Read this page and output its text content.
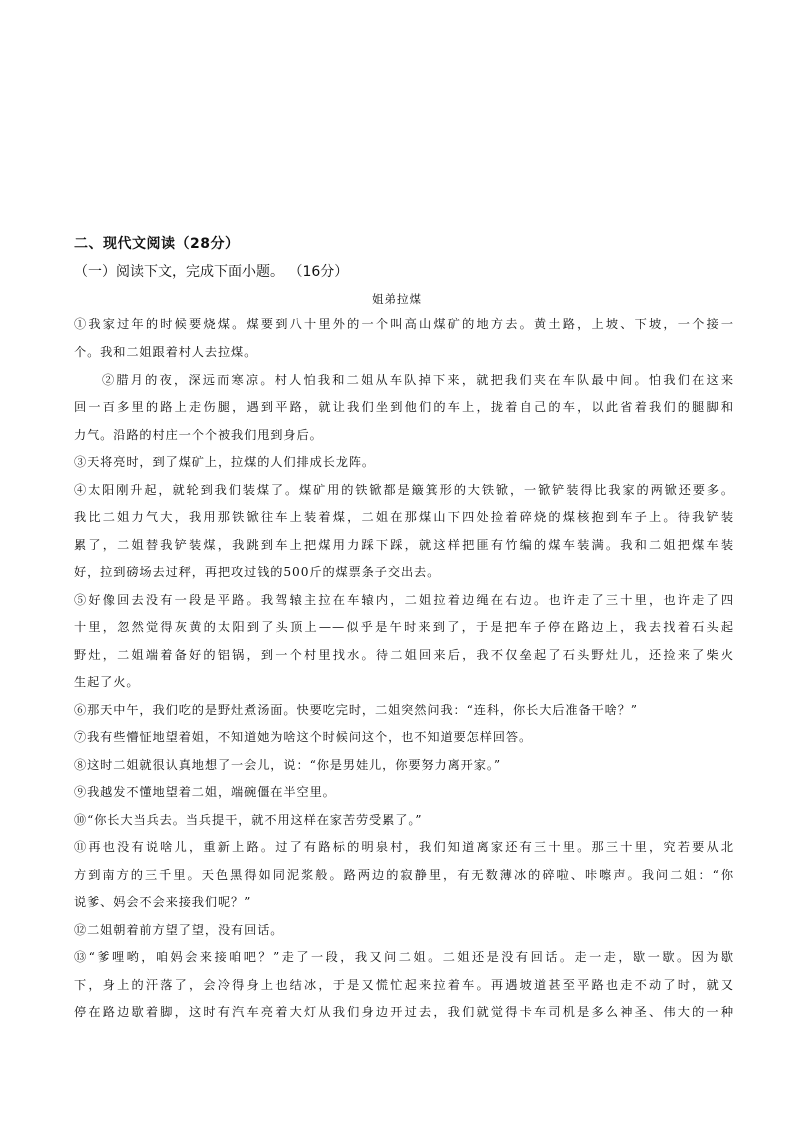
二、现代文阅读（28分）
（一）阅读下文，完成下面小题。 （16分）
姐弟拉煤
①我家过年的时候要烧煤。煤要到八十里外的一个叫高山煤矿的地方去。黄土路，上坡、下坡，一个接一
个。我和二姐跟着村人去拉煤。
②腊月的夜，深远而寒凉。村人怕我和二姐从车队掉下来，就把我们夹在车队最中间。怕我们在这来
回一百多里的路上走伤腿，遇到平路，就让我们坐到他们的车上，拢着自己的车，以此省着我们的腿脚和
力气。沿路的村庄一个个被我们甩到身后。
③天将亮时，到了煤矿上，拉煤的人们排成长龙阵。
④太阳刚升起，就轮到我们装煤了。煤矿用的铁锨都是簸箕形的大铁锨，一锨铲装得比我家的两锨还要多。
我比二姐力气大，我用那铁锨往车上装着煤，二姐在那煤山下四处捡着碎烧的煤核抱到车子上。待我铲装
累了，二姐替我铲装煤，我跳到车上把煤用力踩下踩，就这样把匪有竹编的煤车装满。我和二姐把煤车装
好，拉到磅场去过秤，再把攻过钱的500斤的煤票条子交出去。
⑤好像回去没有一段是平路。我驾辕主拉在车辕内，二姐拉着边绳在右边。也许走了三十里，也许走了四
十里，忽然觉得灰黄的太阳到了头顶上——似乎是午时来到了，于是把车子停在路边上，我去找着石头起
野灶，二姐端着备好的铝锅，到一个村里找水。待二姐回来后，我不仅垒起了石头野灶儿，还捡来了柴火
生起了火。
⑥那天中午，我们吃的是野灶煮汤面。快要吃完时，二姐突然问我：“连科，你长大后准备干啥？”
⑦我有些懵怔地望着姐，不知道她为啥这个时候问这个，也不知道要怎样回答。
⑧这时二姐就很认真地想了一会儿，说：“你是男娃儿，你要努力离开家。”
⑨我越发不懂地望着二姐，端碗僵在半空里。
⑩“你长大当兵去。当兵提干，就不用这样在家苦劳受累了。”
⑪再也没有说啥儿，重新上路。过了有路标的明泉村，我们知道离家还有三十里。那三十里，究若要从北
方到南方的三千里。天色黑得如同泥浆般。路两边的寂静里，有无数薄冰的碎啦、咔嚓声。我问二姐：“你
说爹、妈会不会来接我们呢？”
⑫二姐朝着前方望了望，没有回话。
⑬“爹哩哟，咱妈会来接咱吧？”走了一段，我又问二姐。二姐还是没有回话。走一走，歇一歇。因为歇
下，身上的汗落了，会冷得身上也结冰，于是又慌忙起来拉着车。再遇坡道甚至平路也走不动了时，就又
停在路边歇着脚，这时有汽车亮着大灯从我们身边开过去，我们就觉得卡车司机是多么神圣、伟大的一种
